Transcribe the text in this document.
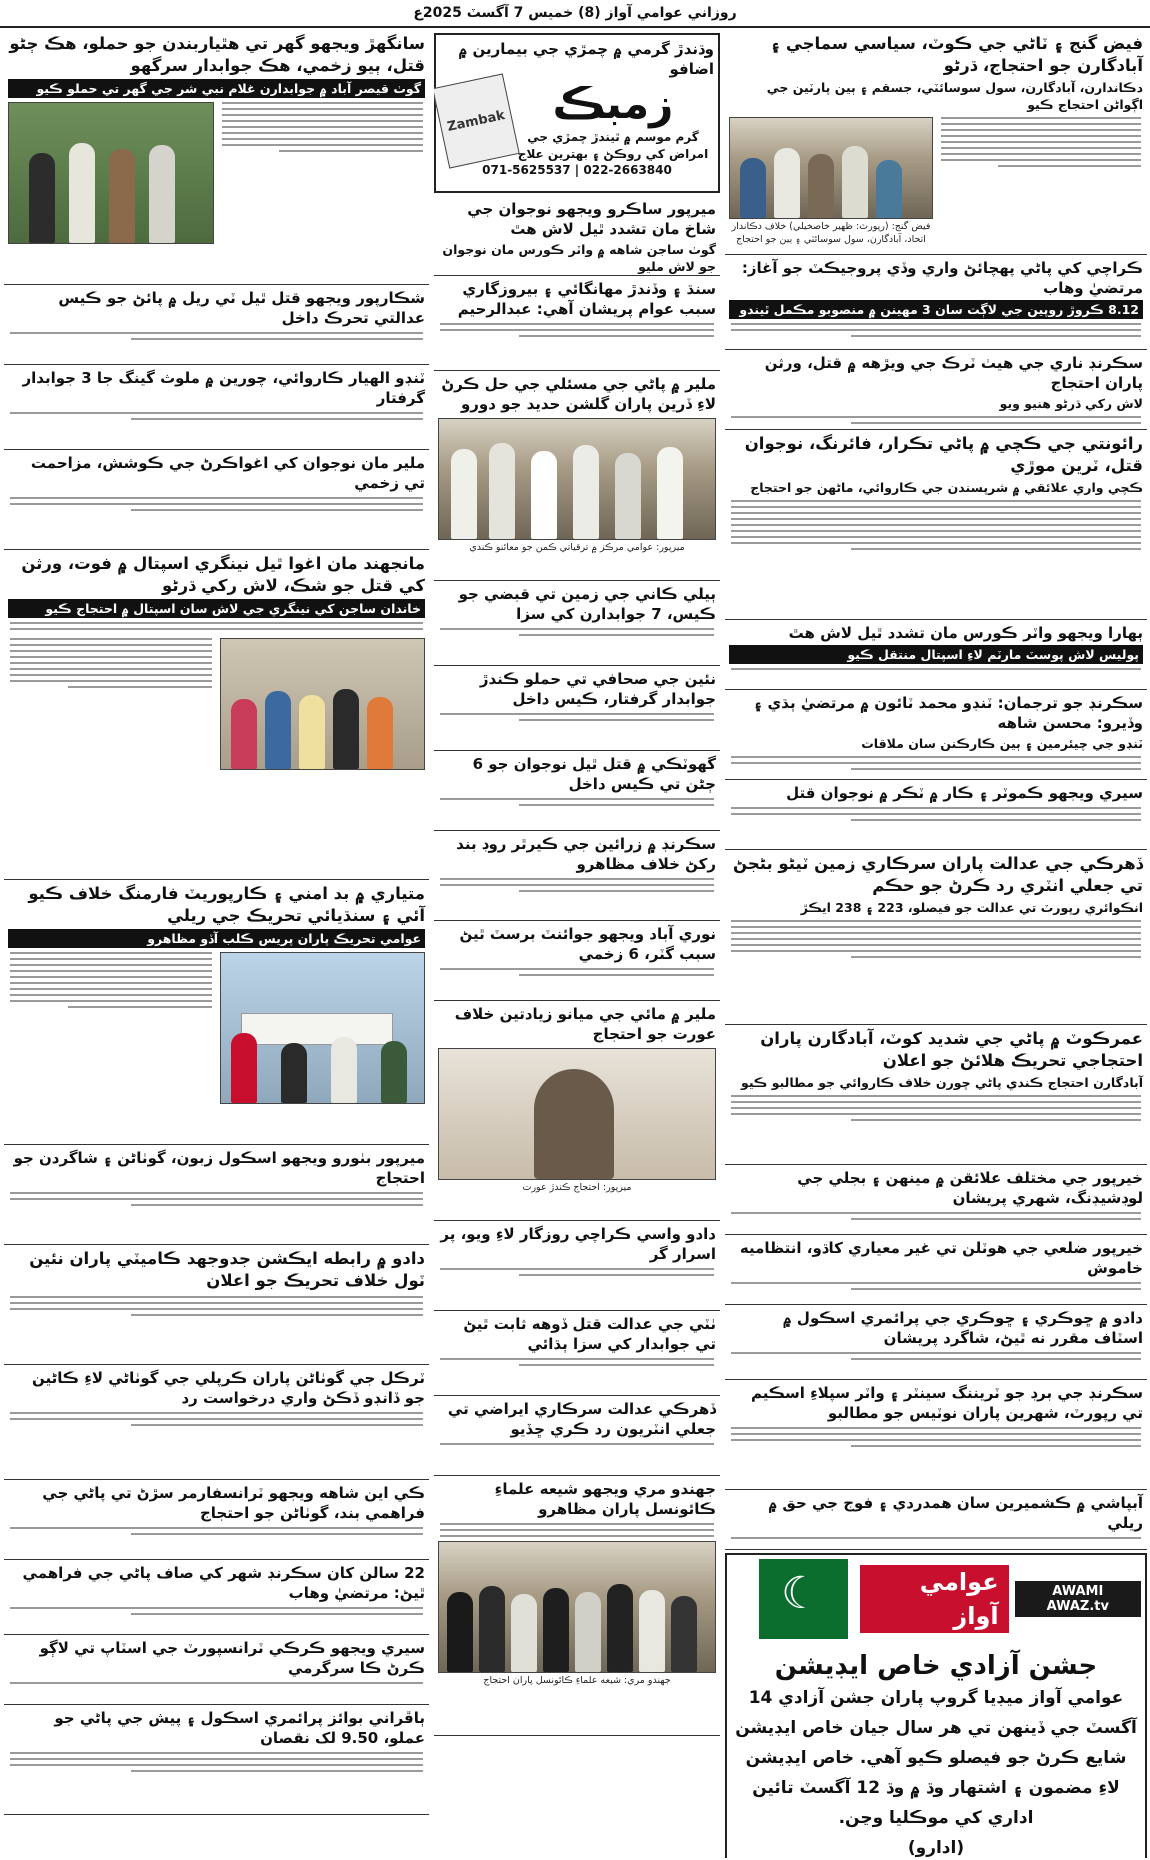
روزاني عوامي آواز (8) خميس 7 آگسٽ 2025ع
فيض گنج ۽ ٽاڻي جي ڪوٽ، سياسي سماجي ۽ آبادگارن جو احتجاج، ڌرڻو
دڪاندارن، آبادگارن، سول سوسائٽي، جسقم ۽ ٻين پارٽين جي اڳواڻن احتجاج ڪيو
فيض گنج: (رپورٽ: ظهير خاصخيلي) خلاف دڪاندار اتحاد، آبادگارن، سول سوسائٽي ۽ ٻين جو احتجاج
ڪراچي کي پاڻي پهچائڻ واري وڏي پروجيڪٽ جو آغاز: مرتضيٰ وهاب
8.12 ڪروڙ روپين جي لاڳت سان 3 مهينن ۾ منصوبو مڪمل ٿيندو
سڪرنڊ ناري جي هيٺ ٽرڪ جي ويڙهه ۾ قتل، ورثن پاران احتجاج
لاش رکي ڌرڻو هنيو ويو
رائونتي جي ڪچي ۾ پاڻي تڪرار، فائرنگ، نوجوان قتل، ٽرين موڙي
ڪچي واري علائقي ۾ شرپسندن جي ڪاروائي، ماڻهن جو احتجاج
ٻهارا ويجهو واٽر ڪورس مان تشدد ٿيل لاش هٿ
پوليس لاش پوسٽ مارٽم لاءِ اسپتال منتقل ڪيو
سڪرنڊ جو ترجمان: ٽنڊو محمد ٽائون ۾ مرتضيٰ ٻڌي ۽ وڏيرو: محسن شاهه
ٽنڊو جي چيئرمين ۽ ٻين ڪارڪنن سان ملاقات
سيري ويجهو ڪموٽر ۽ ڪار ۾ ٽڪر ۾ نوجوان قتل
ڏهرڪي جي عدالت پاران سرڪاري زمين ٽيڻو بڻجڻ تي جعلي انٽري رد ڪرڻ جو حڪم
انڪوائري رپورٽ تي عدالت جو فيصلو، 223 ۽ 238 ايڪڙ
عمرڪوٽ ۾ پاڻي جي شديد کوٽ، آبادگارن پاران احتجاجي تحريڪ هلائڻ جو اعلان
آبادگارن احتجاج ڪندي پاڻي چورن خلاف ڪاروائي جو مطالبو ڪيو
خيرپور جي مختلف علائقن ۾ مينهن ۽ بجلي جي لوڊشيڊنگ، شهري پريشان
خيرپور ضلعي جي هوٽلن تي غير معياري کاڌو، انتظاميه خاموش
دادو ۾ ڇوڪري ۽ ڇوڪري جي پرائمري اسڪول ۾ اسٽاف مقرر نه ٿيڻ، شاگرد پريشان
سڪرنڊ جي برڊ جو ٽريننگ سينٽر ۽ واٽر سپلاءِ اسڪيم تي رپورٽ، شهرين پاران نوٽيس جو مطالبو
آبپاشي ۾ ڪشميرين سان همدردي ۽ فوج جي حق ۾ ريلي
AWAMI AWAZ.tv
عوامي آواز
☾
جشن آزادي خاص ايڊيشن
عوامي آواز ميڊيا گروپ پاران جشن آزادي 14 آگسٽ جي ڏينهن تي هر سال جيان خاص ايڊيشن شايع ڪرڻ جو فيصلو ڪيو آهي. خاص ايڊيشن لاءِ مضمون ۽ اشتهار وڌ ۾ وڌ 12 آگسٽ تائين اداري کي موڪليا وڃن.
(ادارو)
وڌندڙ گرمي ۾ چمڙي جي بيمارين ۾ اضافو
زمبڪ
گرم موسم ۾ ٿيندڙ چمڙي جي امراض کي روڪڻ ۽ بهترين علاج
Zambak
071-5625537 | 022-2663840
ميرپور ساڪرو ويجهو نوجوان جي شاخ مان تشدد ٿيل لاش هٿ
گوٺ ساجن شاهه ۾ واٽر ڪورس مان نوجوان جو لاش مليو
سنڌ ۽ وڏندڙ مهانگائي ۽ بيروزگاري سبب عوام پريشان آهي: عبدالرحيم
ملير ۾ پاڻي جي مسئلي جي حل ڪرڻ لاءِ ڏرين پاران گلشن حديد جو دورو
ميرپور: عوامي مرڪز ۾ ترقياتي ڪمن جو معائنو ڪندي
ٻيلي ڪاني جي زمين تي قبضي جو ڪيس، 7 جوابدارن کي سزا
نئين جي صحافي تي حملو ڪندڙ جوابدار گرفتار، ڪيس داخل
گهوٽڪي ۾ قتل ٿيل نوجوان جو 6 ڄڻن تي ڪيس داخل
سڪرنڊ ۾ زرائين جي ڪيرٿر روڊ بند رکڻ خلاف مظاهرو
نوري آباد ويجهو جوائنٽ برسٽ ٿيڻ سبب گٽر، 6 زخمي
ملير ۾ مائي جي ميانو زيادتين خلاف عورت جو احتجاج
ميرپور: احتجاج ڪندڙ عورت
دادو واسي ڪراچي روزگار لاءِ ويو، پر اسرار گر
ٺٽي جي عدالت قتل ڏوهه ثابت ٿيڻ تي جوابدار کي سزا ٻڌائي
ڏهرڪي عدالت سرڪاري ايراضي تي جعلي انٽريون رد ڪري ڇڏيو
جهندو مري ويجهو شيعه علماءِ ڪائونسل پاران مظاهرو
جهندو مري: شيعه علماءِ ڪائونسل پاران احتجاج
سانگهڙ ويجهو گهر تي هٿياربندن جو حملو، هڪ ڄڻو قتل، ٻيو زخمي، هڪ جوابدار سرگهو
گوٺ قيصر آباد ۾ جوابدارن غلام نبي شر جي گهر تي حملو ڪيو
شڪارپور ويجهو قتل ٿيل ٽي ريل ۾ پائڻ جو ڪيس عدالتي تحرڪ داخل
ٽنڊو الهيار ڪاروائي، چورين ۾ ملوث گينگ جا 3 جوابدار گرفتار
ملير مان نوجوان کي اغواڪرڻ جي ڪوشش، مزاحمت تي زخمي
مانجهند مان اغوا ٿيل نينگري اسپتال ۾ فوت، ورثن کي قتل جو شڪ، لاش رکي ڌرڻو
خاندان ساجن کي نينگري جي لاش سان اسپتال ۾ احتجاج ڪيو
متياري ۾ بد امني ۽ ڪارپوريٽ فارمنگ خلاف ڪيو آئي ۽ سنڌيائي تحريڪ جي ريلي
عوامي تحريڪ پاران پريس ڪلب آڏو مظاهرو
ميرپور بٺورو ويجهو اسڪول زبون، گوٺاڻن ۽ شاگردن جو احتجاج
دادو ۾ رابطه ايڪشن جدوجهد ڪاميٽي پاران نئين ٽول خلاف تحريڪ جو اعلان
ٽرڪل جي گوٺاڻن پاران ڪرپلي جي گوٺاڻي لاءِ ڪاڻين جو ڏانڊو ڏڪڻ واري درخواست رد
ڪي اين شاهه ويجهو ٽرانسفارمر سڙڻ تي پاڻي جي فراهمي بند، گوٺاڻن جو احتجاج
22 سالن کان سڪرنڊ شهر کي صاف پاڻي جي فراهمي ٿيڻ: مرتضيٰ وهاب
سيري ويجهو ڪرڪي ٽرانسپورٽ جي اسٽاپ تي لاڳو ڪرڻ ڪا سرگرمي
ٻاڦراني بوائز پرائمري اسڪول ۽ پيش جي پاڻي جو عملو، 9.50 لک نقصان
